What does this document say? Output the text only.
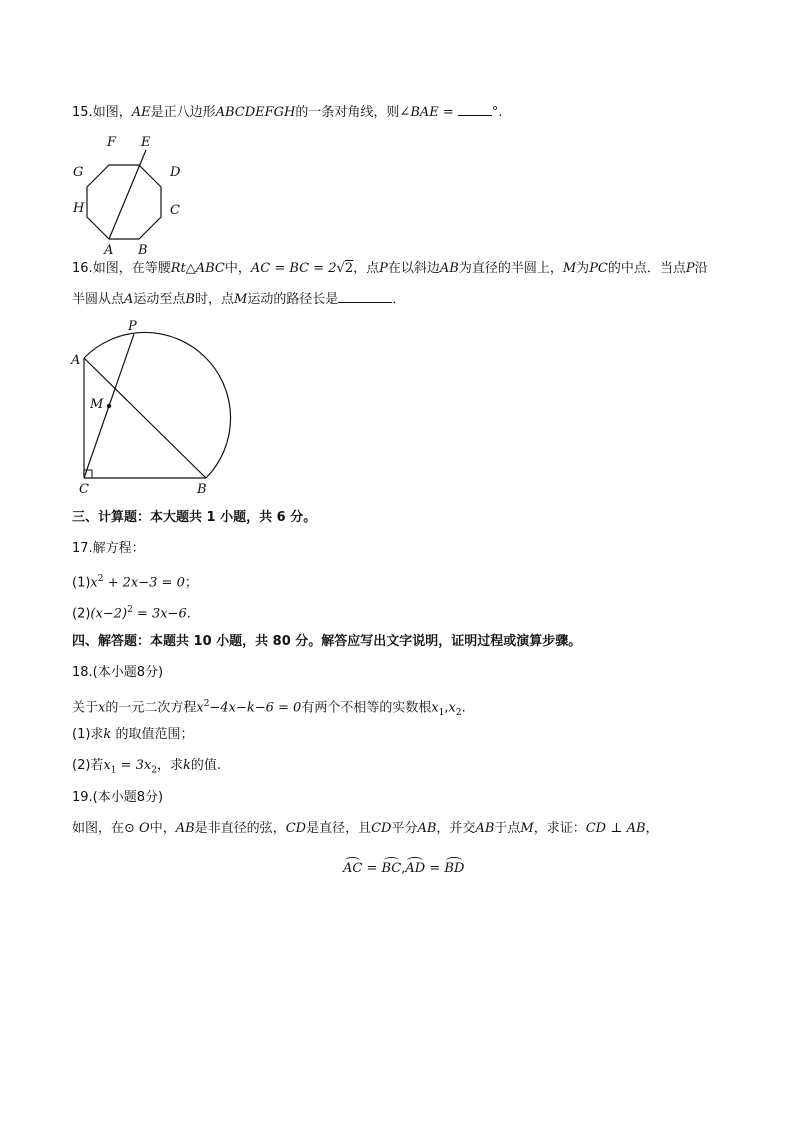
15.如图，AE是正八边形ABCDEFGH的一条对角线，则∠BAE =	°.
A B
C
D
E
F
G
H
16.如图，在等腰Rt△ABC中，AC = BC = 2√2，点P在以斜边AB为直径的半圆上，M为PC的中点．当点P沿
半圆从点A运动至点B时，点M运动的路径长是	．
P
A
M
C	B
三、计算题：本大题共 1 小题，共 6 分。
17.解方程：
$(1)x^2 + 2x-3 = 0$；
$(2)(x-2)^2 = 3x-6$.
四、解答题：本题共 10 小题，共 80 分。解答应写出文字说明，证明过程或演算步骤。
18.(本小题8分)
关于x的一元二次方程$x^2-4x-k-6 = 0$有两个不相等的实数根$x_1,x_2$.
(1)求k 的取值范围；
(2)若$x_1 = 3x_2$，求k的值.
19.(本小题8分)
如图，在⊙ O中，AB是非直径的弦，CD是直径，且CD平分AB，并交AB于点M，求证：CD ⊥ AB，
AC = BC,AD = BD
